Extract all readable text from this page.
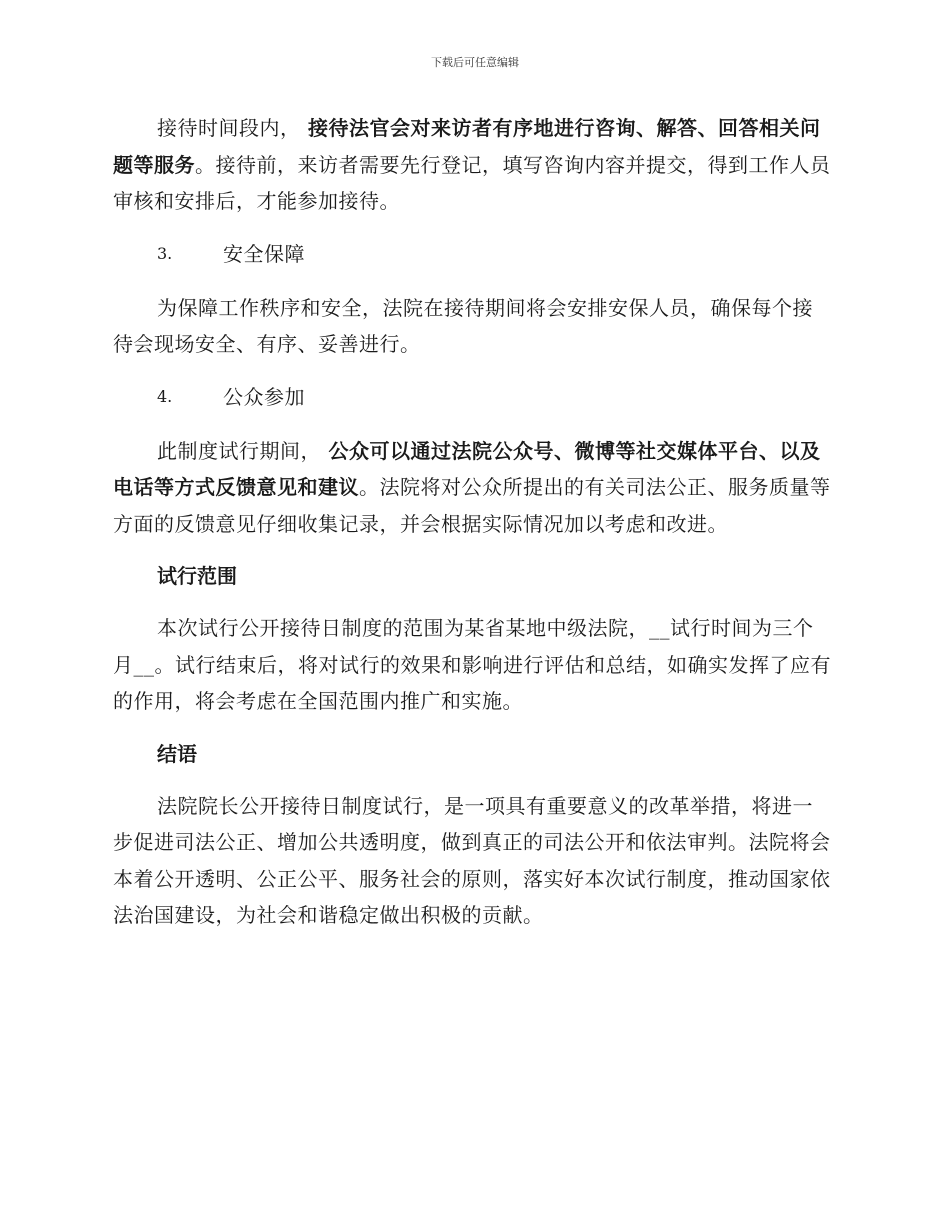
下载后可任意编辑

接待时间段内， 接待法官会对来访者有序地进行咨询、解答、回答相关问题等服务。接待前，来访者需要先行登记，填写咨询内容并提交，得到工作人员审核和安排后，才能参加接待。

3.	安全保障

为保障工作秩序和安全，法院在接待期间将会安排安保人员，确保每个接待会现场安全、有序、妥善进行。

4.	公众参加

此制度试行期间， 公众可以通过法院公众号、微博等社交媒体平台、以及电话等方式反馈意见和建议。法院将对公众所提出的有关司法公正、服务质量等方面的反馈意见仔细收集记录，并会根据实际情况加以考虑和改进。

试行范围

本次试行公开接待日制度的范围为某省某地中级法院，__试行时间为三个月__。试行结束后，将对试行的效果和影响进行评估和总结，如确实发挥了应有的作用，将会考虑在全国范围内推广和实施。

结语

法院院长公开接待日制度试行，是一项具有重要意义的改革举措，将进一步促进司法公正、增加公共透明度，做到真正的司法公开和依法审判。法院将会本着公开透明、公正公平、服务社会的原则，落实好本次试行制度，推动国家依法治国建设，为社会和谐稳定做出积极的贡献。
